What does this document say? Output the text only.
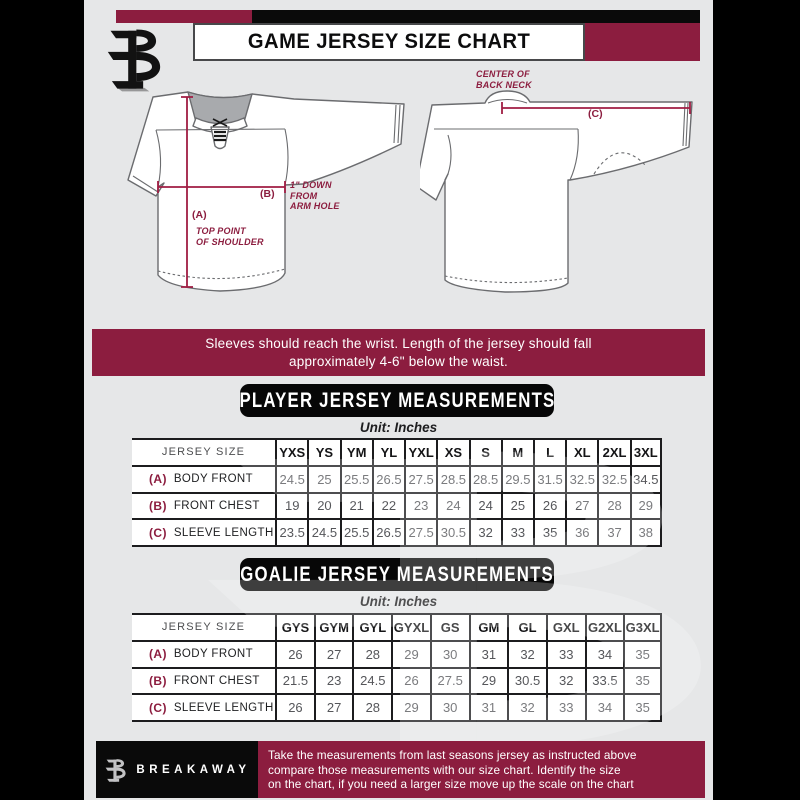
GAME JERSEY SIZE CHART
(A)
TOP POINT
OF SHOULDER
(B)
1" DOWN
FROM
ARM HOLE
(C)
CENTER OF
BACK NECK
Sleeves should reach the wrist. Length of the jersey should fall
approximately 4-6" below the waist.
PLAYER JERSEY MEASUREMENTS
Unit: Inches
JERSEY SIZE	YXS YS	YM	YL YXL XS	S	M	L	XL 2XL 3XL
(A) BODY FRONT	24.5 25 25.5 26.5 27.5 28.5 28.5 29.5 31.5 32.5 32.5 34.5
(B) FRONT CHEST	19	20	21	22	23	24	24	25	26	27	28	29
(C) SLEEVE LENGTH 23.5 24.5 25.5 26.5 27.5 30.5 32	33	35	36	37	38
GOALIE JERSEY MEASUREMENTS
Unit: Inches
JERSEY SIZE	GYS GYM GYL GYXL GS	GM	GL	GXL G2XL G3XL
(A) BODY FRONT	26	27	28	29	30	31	32	33	34	35
(B) FRONT CHEST	21.5	23	24.5	26	27.5	29	30.5	32	33.5	35
(C) SLEEVE LENGTH	26	27	28	29	30	31	32	33	34	35
BREAKAWAY
Take the measurements from last seasons jersey as instructed above
compare those measurements with our size chart. Identify the size
on the chart, if you need a larger size move up the scale on the chart
